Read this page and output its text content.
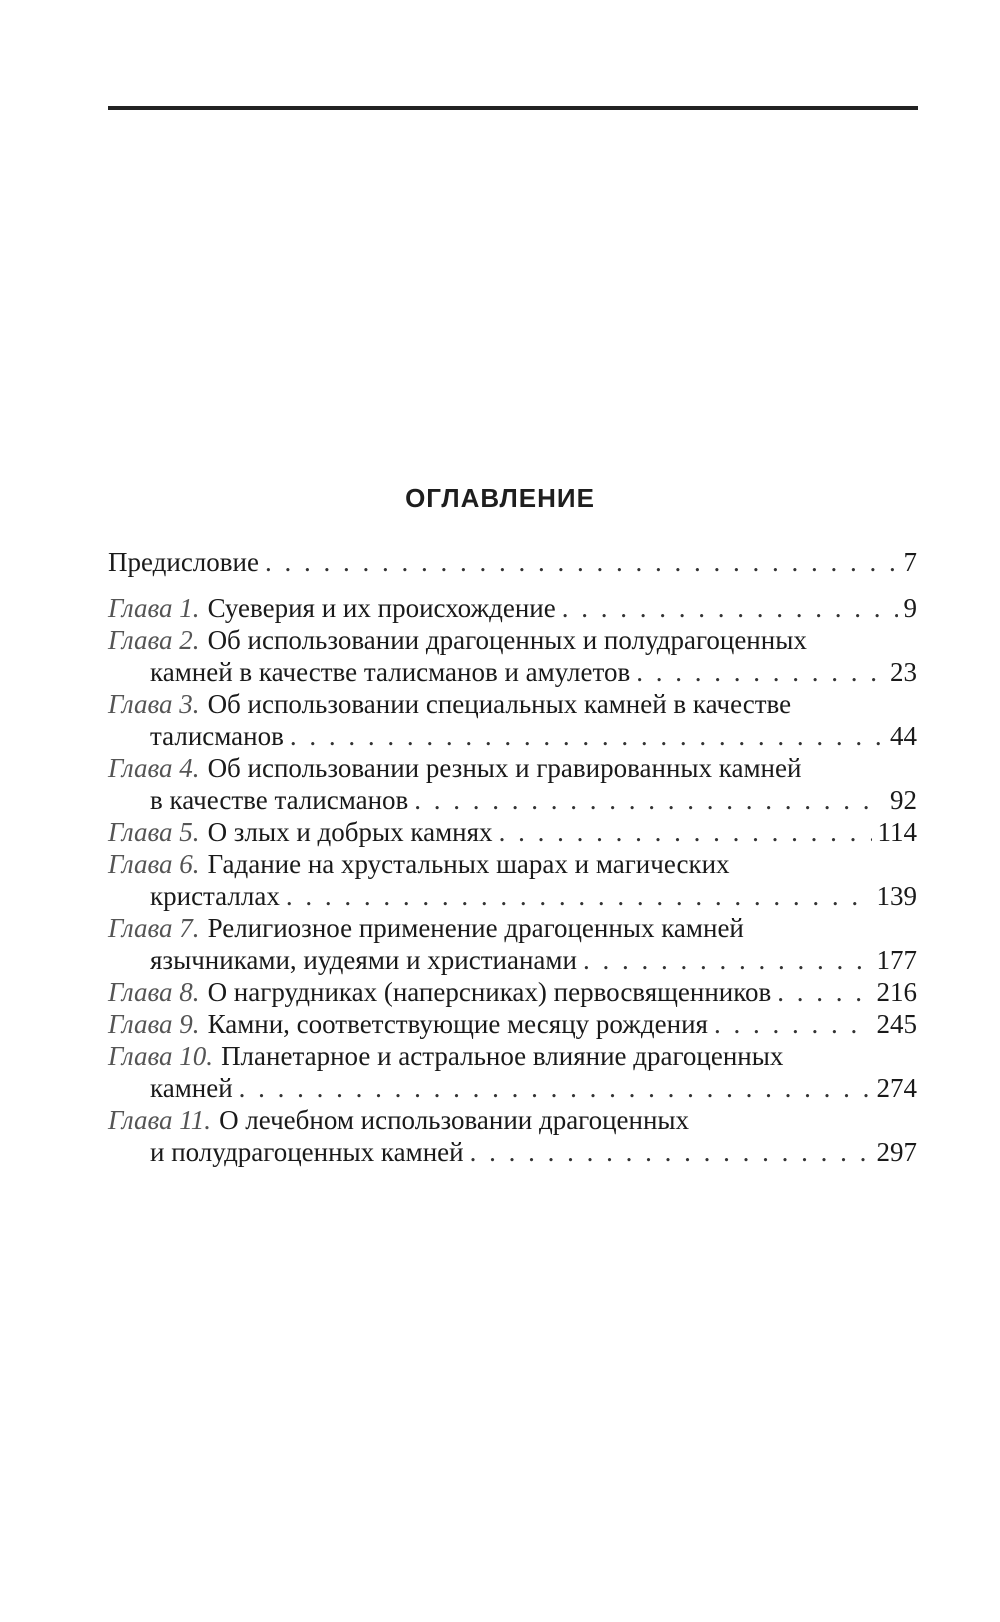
ОГЛАВЛЕНИЕ
Предисловие . . .	7
Глава 1. Суеверия и их происхождение . . .	9
Глава 2. Об использовании драгоценных и полудрагоценных
камней в качестве талисманов и амулетов . . .	23
Глава 3. Об использовании специальных камней в качестве
талисманов . . .	44
Глава 4. Об использовании резных и гравированных камней
в качестве талисманов . . .	92
Глава 5. О злых и добрых камнях . . .	114
Глава 6. Гадание на хрустальных шарах и магических
кристаллах . . .	139
Глава 7. Религиозное применение драгоценных камней
язычниками, иудеями и христианами . . .	177
Глава 8. О нагрудниках (наперсниках) первосвященников . . .	216
Глава 9. Камни, соответствующие месяцу рождения . . .	245
Глава 10. Планетарное и астральное влияние драгоценных
камней . . .	274
Глава 11. О лечебном использовании драгоценных
и полудрагоценных камней . . .	297
